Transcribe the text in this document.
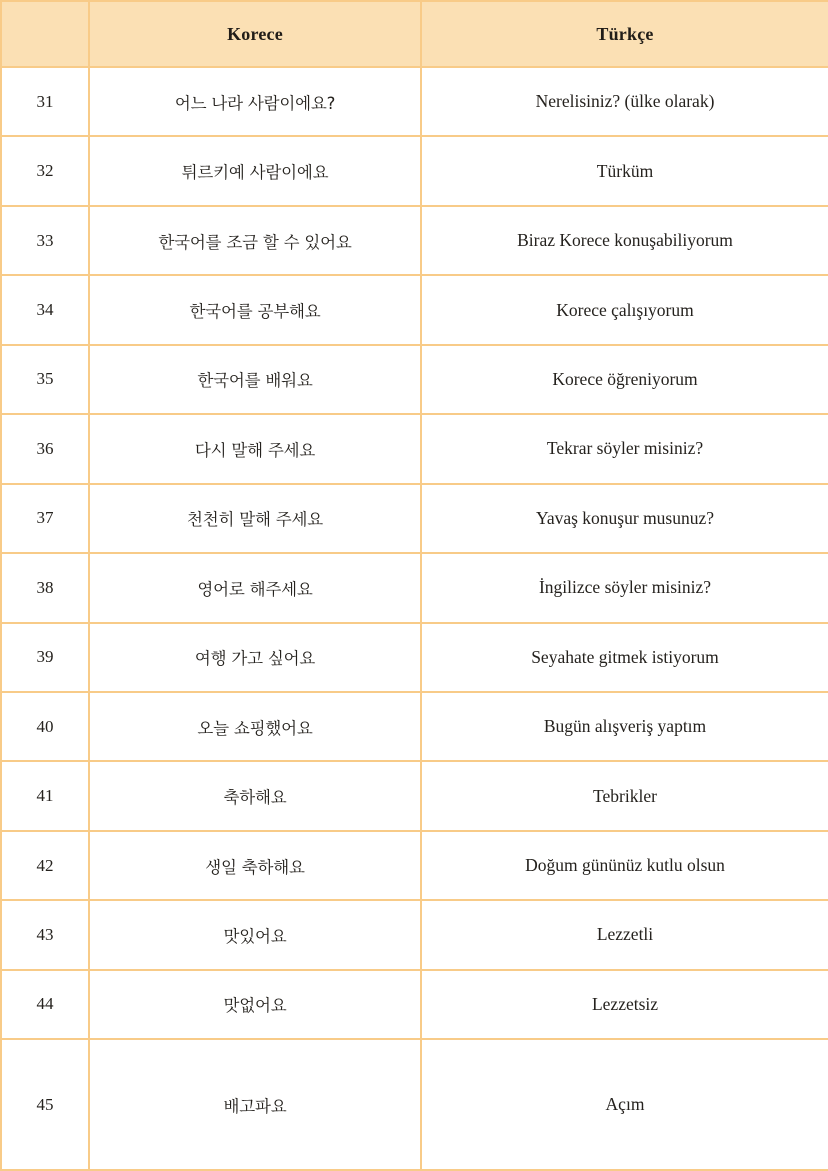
	Korece	Türkçe
31	어느 나라 사람이에요?	Nerelisiniz? (ülke olarak)
32	튀르키예 사람이에요	Türküm
33	한국어를 조금 할 수 있어요	Biraz Korece konuşabiliyorum
34	한국어를 공부해요	Korece çalışıyorum
35	한국어를 배워요	Korece öğreniyorum
36	다시 말해 주세요	Tekrar söyler misiniz?
37	천천히 말해 주세요	Yavaş konuşur musunuz?
38	영어로 해주세요	İngilizce söyler misiniz?
39	여행 가고 싶어요	Seyahate gitmek istiyorum
40	오늘 쇼핑했어요	Bugün alışveriş yaptım
41	축하해요	Tebrikler
42	생일 축하해요	Doğum gününüz kutlu olsun
43	맛있어요	Lezzetli
44	맛없어요	Lezzetsiz
45	배고파요	Açım
